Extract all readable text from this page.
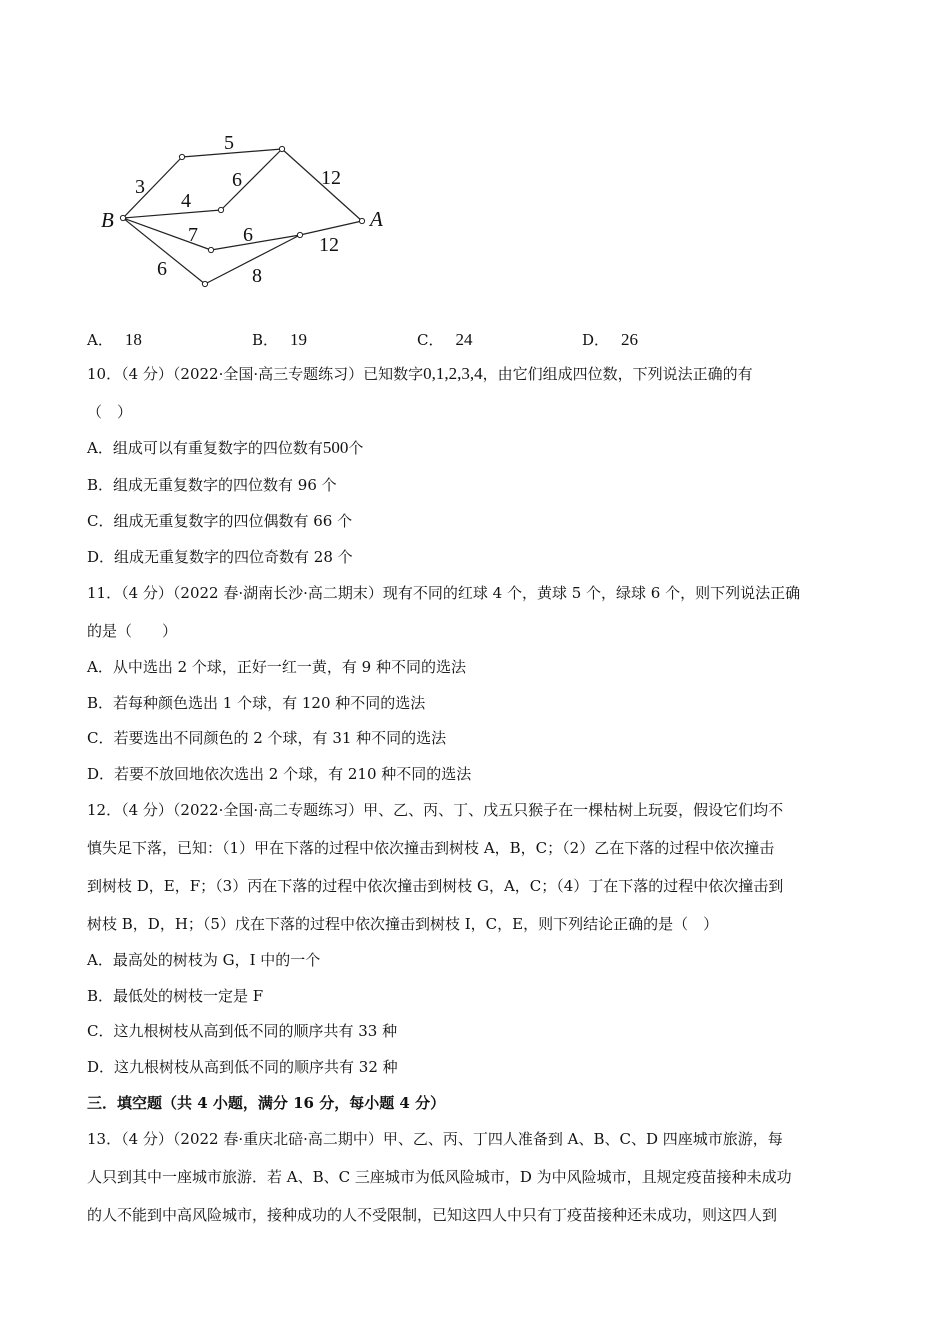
B	A
5
3	6	12
4
7 6	12
6	8
A． 18	B． 19	C． 24	D． 26
10．（4 分）（2022·全国·高三专题练习）已知数字0,1,2,3,4，由它们组成四位数，下列说法正确的有
（　）
A．组成可以有重复数字的四位数有500个
B．组成无重复数字的四位数有 96 个
C．组成无重复数字的四位偶数有 66 个
D．组成无重复数字的四位奇数有 28 个
11．（4 分）（2022 春·湖南长沙·高二期末）现有不同的红球 4 个，黄球 5 个，绿球 6 个，则下列说法正确
的是（　　）
A．从中选出 2 个球，正好一红一黄，有 9 种不同的选法
B．若每种颜色选出 1 个球，有 120 种不同的选法
C．若要选出不同颜色的 2 个球，有 31 种不同的选法
D．若要不放回地依次选出 2 个球，有 210 种不同的选法
12．（4 分）（2022·全国·高二专题练习）甲、乙、丙、丁、戊五只猴子在一棵枯树上玩耍，假设它们均不
慎失足下落，已知：（1）甲在下落的过程中依次撞击到树枝 A，B，C；（2）乙在下落的过程中依次撞击
到树枝 D，E，F；（3）丙在下落的过程中依次撞击到树枝 G，A，C；（4）丁在下落的过程中依次撞击到
树枝 B，D，H；（5）戊在下落的过程中依次撞击到树枝 I，C，E，则下列结论正确的是（　）
A．最高处的树枝为 G，I 中的一个
B．最低处的树枝一定是 F
C．这九根树枝从高到低不同的顺序共有 33 种
D．这九根树枝从高到低不同的顺序共有 32 种
三．填空题（共 4 小题，满分 16 分，每小题 4 分）
13．（4 分）（2022 春·重庆北碚·高二期中）甲、乙、丙、丁四人准备到 A、B、C、D 四座城市旅游，每
人只到其中一座城市旅游．若 A、B、C 三座城市为低风险城市，D 为中风险城市，且规定疫苗接种未成功
的人不能到中高风险城市，接种成功的人不受限制，已知这四人中只有丁疫苗接种还未成功，则这四人到
